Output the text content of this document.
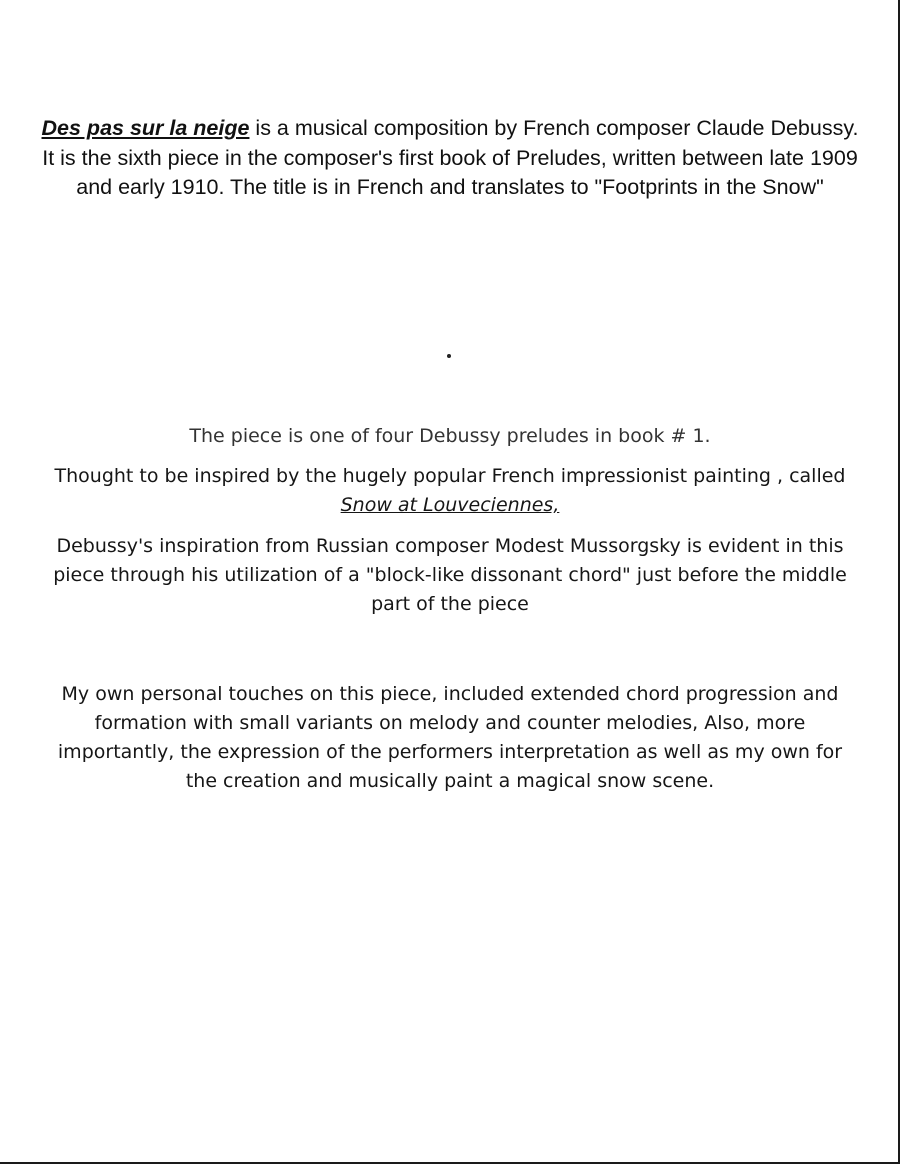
Des pas sur la neige is a musical composition by French composer Claude Debussy. It is the sixth piece in the composer's first book of Preludes, written between late 1909 and early 1910. The title is in French and translates to "Footprints in the Snow"

The piece is one of four Debussy preludes in book # 1.

Thought to be inspired by the hugely popular French impressionist painting , called Snow at Louveciennes,

Debussy's inspiration from Russian composer Modest Mussorgsky is evident in this piece through his utilization of a "block-like dissonant chord" just before the middle part of the piece

My own personal touches on this piece, included extended chord progression and formation with small variants on melody and counter melodies, Also, more importantly, the expression of the performers interpretation as well as my own for the creation and musically paint a magical snow scene.
